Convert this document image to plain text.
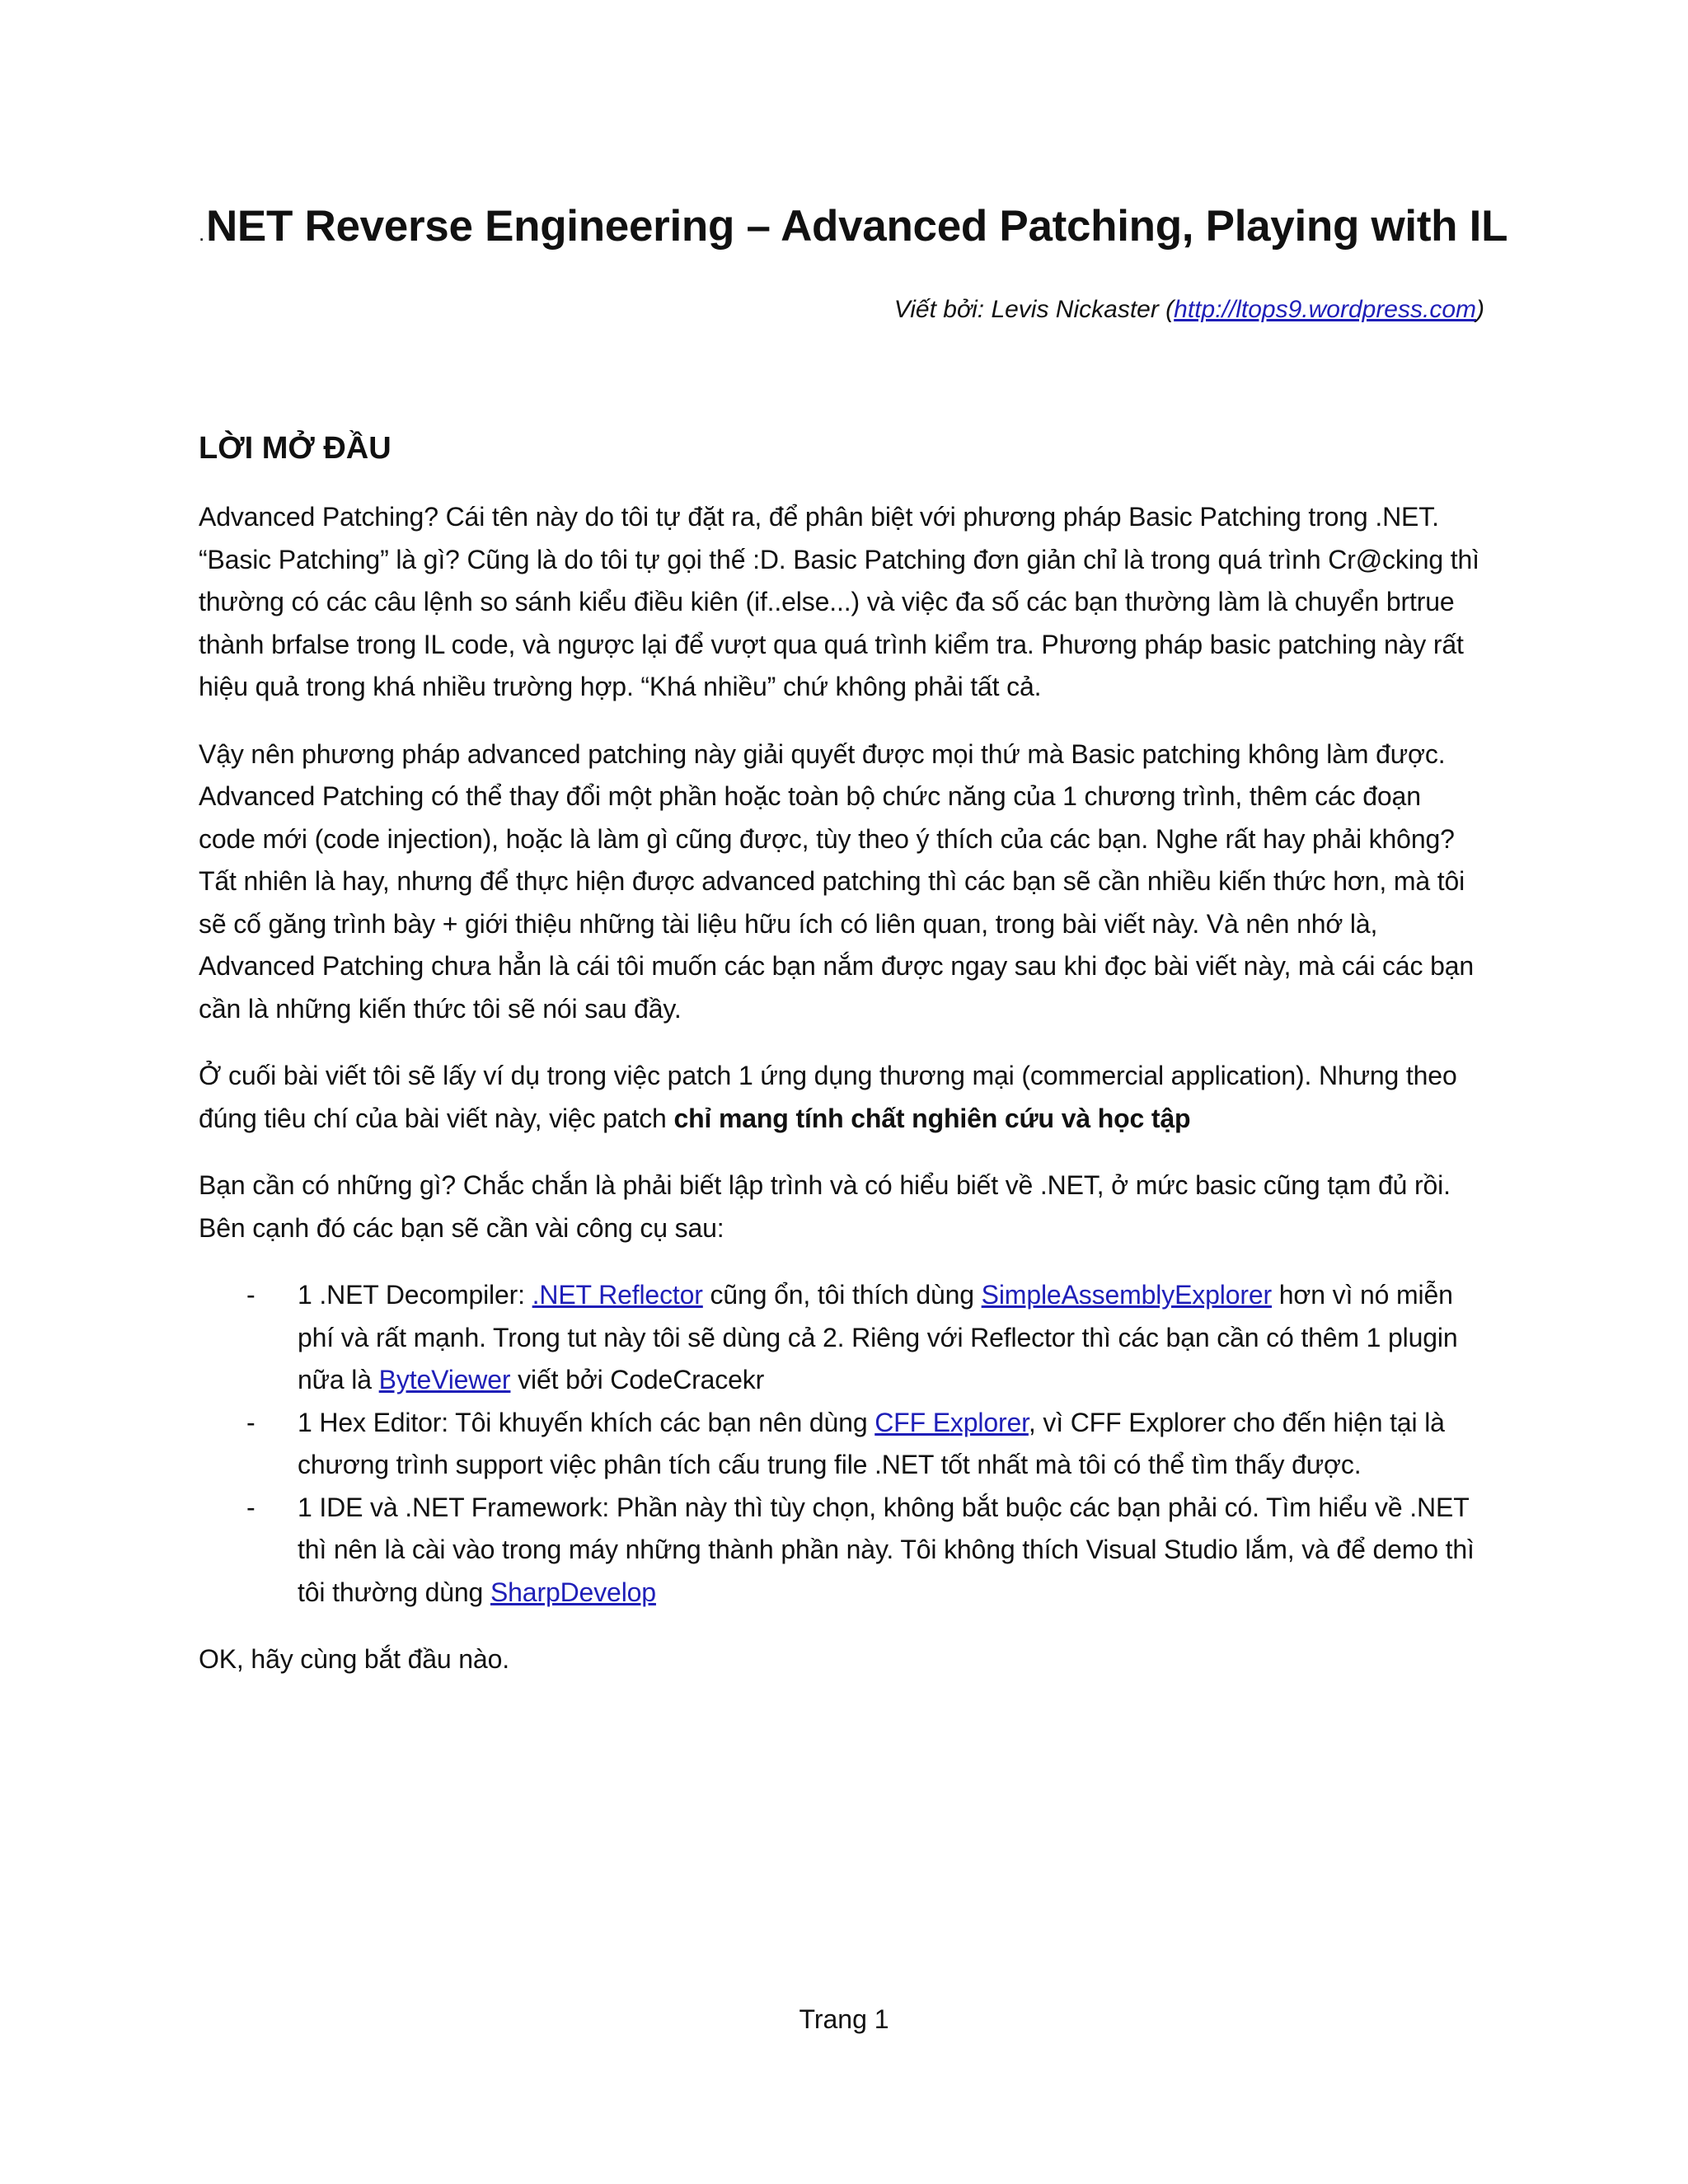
.NET Reverse Engineering – Advanced Patching, Playing with IL
Viết bởi: Levis Nickaster (http://ltops9.wordpress.com)
LỜI MỞ ĐẦU

Advanced Patching? Cái tên này do tôi tự đặt ra, để phân biệt với phương pháp Basic Patching trong .NET. “Basic Patching” là gì? Cũng là do tôi tự gọi thế :D. Basic Patching đơn giản chỉ là trong quá trình Cr@cking thì thường có các câu lệnh so sánh kiểu điều kiên (if..else...) và việc đa số các bạn thường làm là chuyển brtrue thành brfalse trong IL code, và ngược lại để vượt qua quá trình kiểm tra. Phương pháp basic patching này rất hiệu quả trong khá nhiều trường hợp. “Khá nhiều” chứ không phải tất cả.

Vậy nên phương pháp advanced patching này giải quyết được mọi thứ mà Basic patching không làm được. Advanced Patching có thể thay đổi một phần hoặc toàn bộ chức năng của 1 chương trình, thêm các đoạn code mới (code injection), hoặc là làm gì cũng được, tùy theo ý thích của các bạn. Nghe rất hay phải không? Tất nhiên là hay, nhưng để thực hiện được advanced patching thì các bạn sẽ cần nhiều kiến thức hơn, mà tôi sẽ cố găng trình bày + giới thiệu những tài liệu hữu ích có liên quan, trong bài viết này. Và nên nhớ là, Advanced Patching chưa hẳn là cái tôi muốn các bạn nắm được ngay sau khi đọc bài viết này, mà cái các bạn cần là những kiến thức tôi sẽ nói sau đầy.

Ở cuối bài viết tôi sẽ lấy ví dụ trong việc patch 1 ứng dụng thương mại (commercial application). Nhưng theo đúng tiêu chí của bài viết này, việc patch chỉ mang tính chất nghiên cứu và học tập

Bạn cần có những gì? Chắc chắn là phải biết lập trình và có hiểu biết về .NET, ở mức basic cũng tạm đủ rồi. Bên cạnh đó các bạn sẽ cần vài công cụ sau:

- 1 .NET Decompiler: .NET Reflector cũng ổn, tôi thích dùng SimpleAssemblyExplorer hơn vì nó miễn phí và rất mạnh. Trong tut này tôi sẽ dùng cả 2. Riêng với Reflector thì các bạn cần có thêm 1 plugin nữa là ByteViewer viết bởi CodeCracekr
- 1 Hex Editor: Tôi khuyến khích các bạn nên dùng CFF Explorer, vì CFF Explorer cho đến hiện tại là chương trình support việc phân tích cấu trung file .NET tốt nhất mà tôi có thể tìm thấy được.
- 1 IDE và .NET Framework: Phần này thì tùy chọn, không bắt buộc các bạn phải có. Tìm hiểu về .NET thì nên là cài vào trong máy những thành phần này. Tôi không thích Visual Studio lắm, và để demo thì tôi thường dùng SharpDevelop

OK, hãy cùng bắt đầu nào.

Trang 1
